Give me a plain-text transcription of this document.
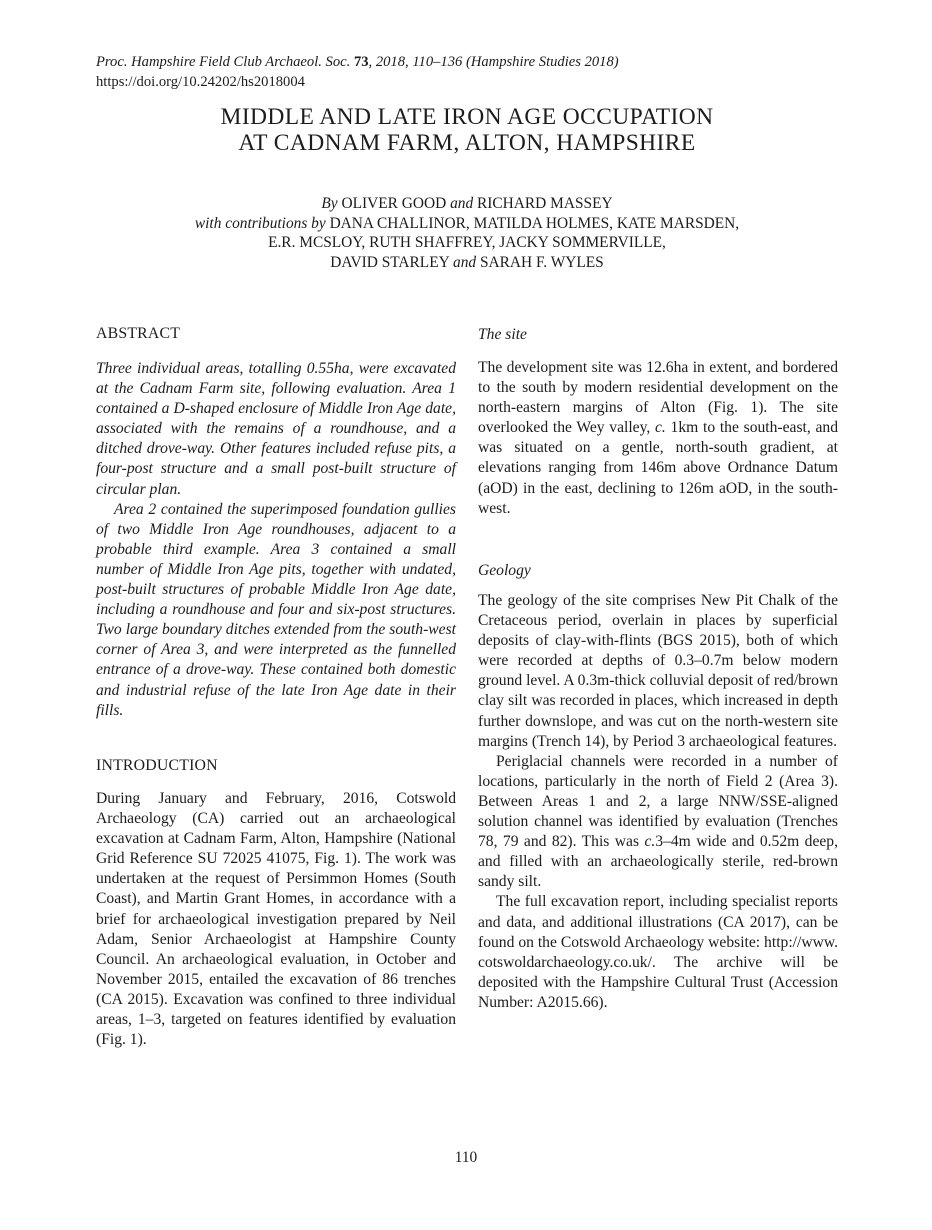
Proc. Hampshire Field Club Archaeol. Soc. 73, 2018, 110–136 (Hampshire Studies 2018)
https://doi.org/10.24202/hs2018004
MIDDLE AND LATE IRON AGE OCCUPATION
AT CADNAM FARM, ALTON, HAMPSHIRE
By OLIVER GOOD and RICHARD MASSEY
with contributions by DANA CHALLINOR, MATILDA HOLMES, KATE MARSDEN,
E.R. MCSLOY, RUTH SHAFFREY, JACKY SOMMERVILLE,
DAVID STARLEY and SARAH F. WYLES
ABSTRACT

Three individual areas, totalling 0.55ha, were excavated at the Cadnam Farm site, following evaluation. Area 1 contained a D-shaped enclosure of Middle Iron Age date, associated with the remains of a roundhouse, and a ditched drove-way. Other features included refuse pits, a four-post structure and a small post-built structure of circular plan.

Area 2 contained the superimposed foundation gullies of two Middle Iron Age roundhouses, adjacent to a probable third example. Area 3 contained a small number of Middle Iron Age pits, together with undated, post-built structures of probable Middle Iron Age date, including a roundhouse and four and six-post structures. Two large boundary ditches extended from the south-west corner of Area 3, and were interpreted as the funnelled entrance of a drove-way. These contained both domestic and industrial refuse of the late Iron Age date in their fills.

INTRODUCTION

During January and February, 2016, Cotswold Archaeology (CA) carried out an archaeological excavation at Cadnam Farm, Alton, Hampshire (National Grid Reference SU 72025 41075, Fig. 1). The work was undertaken at the request of Persimmon Homes (South Coast), and Martin Grant Homes, in accordance with a brief for archaeological investigation prepared by Neil Adam, Senior Archaeologist at Hampshire County Council. An archaeological evaluation, in October and November 2015, entailed the excavation of 86 trenches (CA 2015). Excavation was confined to three individual areas, 1–3, targeted on features identified by evaluation (Fig. 1).

The site

The development site was 12.6ha in extent, and bordered to the south by modern residential development on the north-eastern margins of Alton (Fig. 1). The site overlooked the Wey valley, c. 1km to the south-east, and was situated on a gentle, north-south gradient, at elevations ranging from 146m above Ordnance Datum (aOD) in the east, declining to 126m aOD, in the south-west.

Geology

The geology of the site comprises New Pit Chalk of the Cretaceous period, overlain in places by superficial deposits of clay-with-flints (BGS 2015), both of which were recorded at depths of 0.3–0.7m below modern ground level. A 0.3m-thick colluvial deposit of red/brown clay silt was recorded in places, which increased in depth further downslope, and was cut on the north-western site margins (Trench 14), by Period 3 archaeological features.

Periglacial channels were recorded in a number of locations, particularly in the north of Field 2 (Area 3). Between Areas 1 and 2, a large NNW/SSE-aligned solution channel was identified by evaluation (Trenches 78, 79 and 82). This was c.3–4m wide and 0.52m deep, and filled with an archaeologically sterile, red-brown sandy silt.

The full excavation report, including specialist reports and data, and additional illustrations (CA 2017), can be found on the Cotswold Archaeology website: http://www. cotswoldarchaeology.co.uk/. The archive will be deposited with the Hampshire Cultural Trust (Accession Number: A2015.66).

110
